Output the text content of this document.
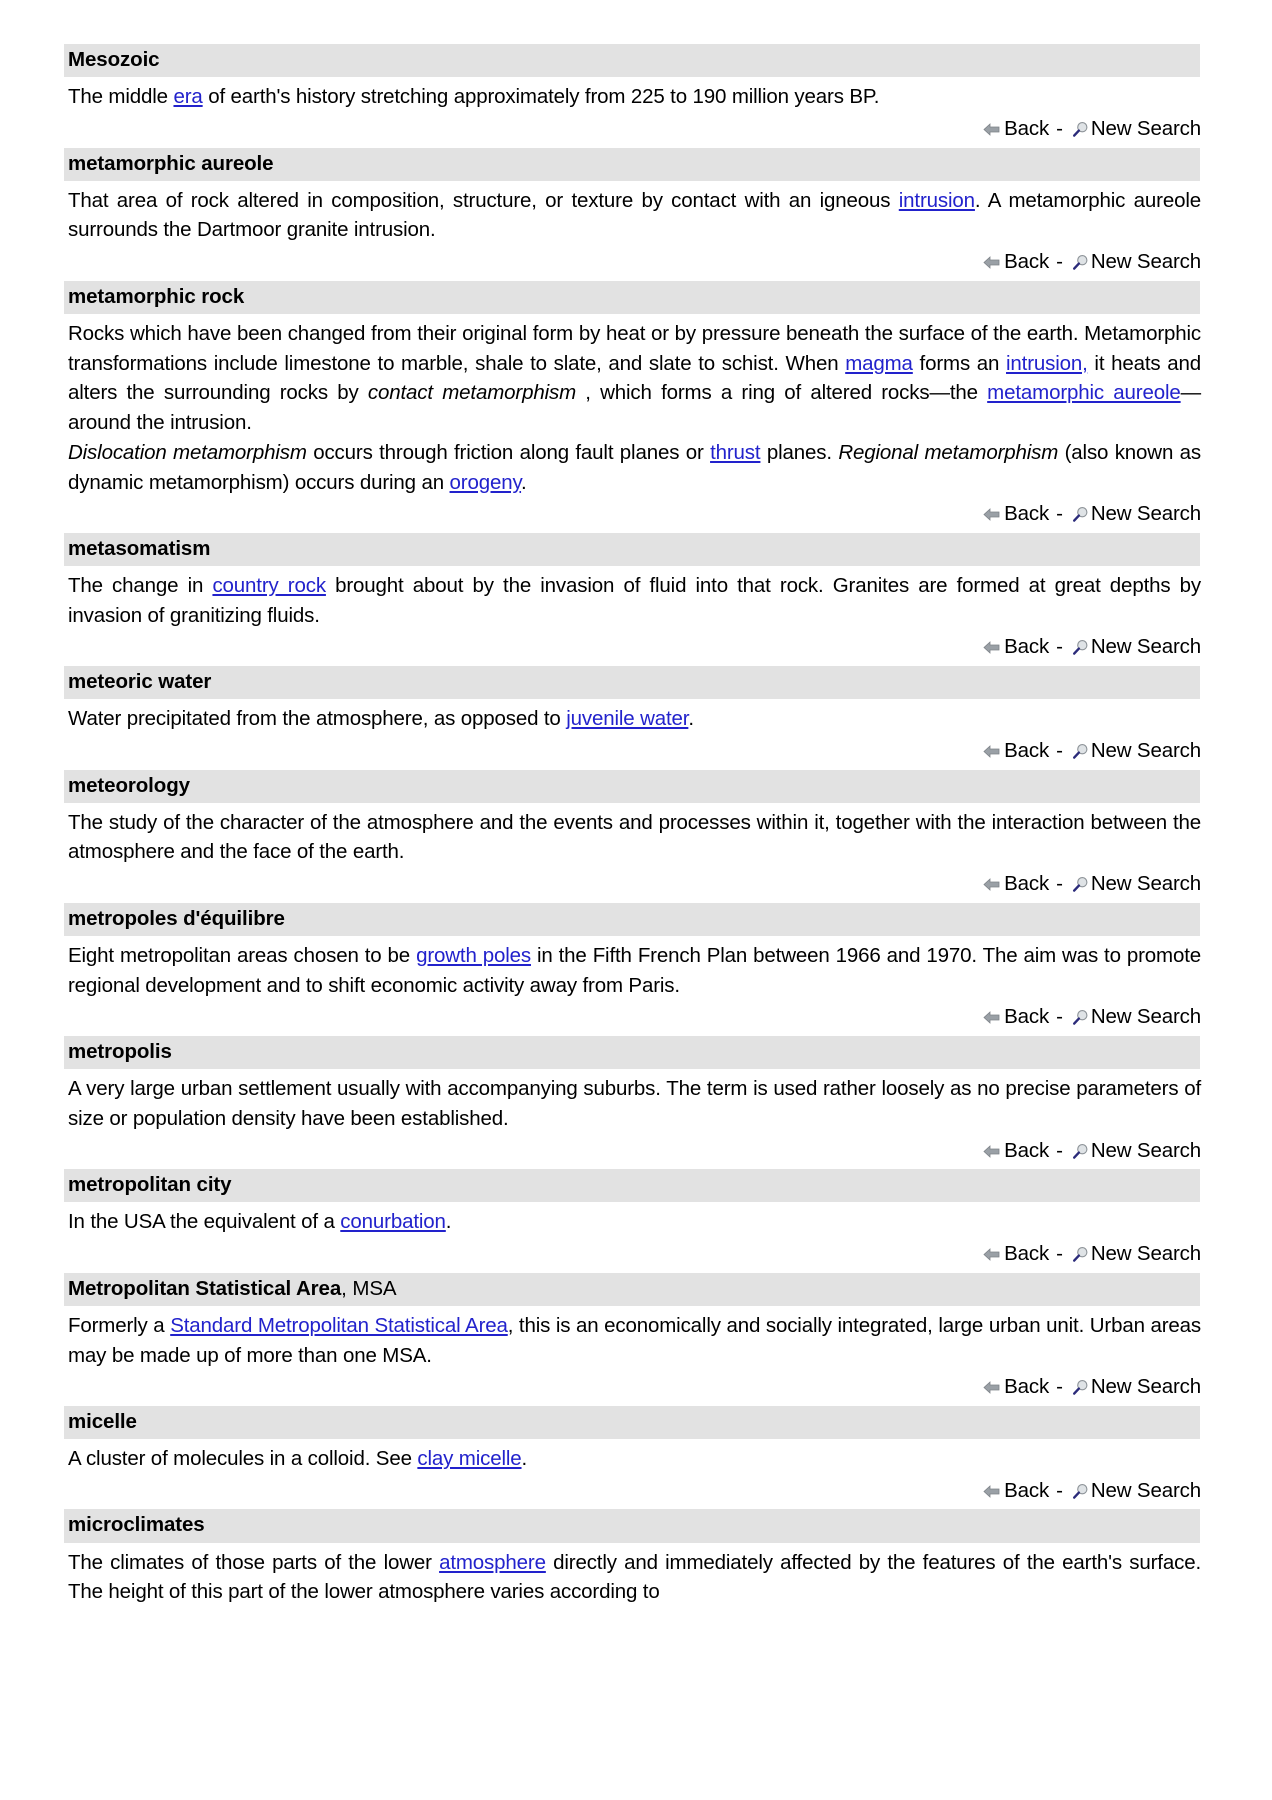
Mesozoic

The middle era of earth's history stretching approximately from 225 to 190 million years BP.

Back - New Search
metamorphic aureole

That area of rock altered in composition, structure, or texture by contact with an igneous intrusion. A metamorphic aureole surrounds the Dartmoor granite intrusion.

Back - New Search
metamorphic rock

Rocks which have been changed from their original form by heat or by pressure beneath the surface of the earth. Metamorphic transformations include limestone to marble, shale to slate, and slate to schist. When magma forms an intrusion, it heats and alters the surrounding rocks by contact metamorphism , which forms a ring of altered rocks—the metamorphic aureole—around the intrusion.

Dislocation metamorphism occurs through friction along fault planes or thrust planes. Regional metamorphism (also known as dynamic metamorphism) occurs during an orogeny.

Back - New Search
metasomatism

The change in country rock brought about by the invasion of fluid into that rock. Granites are formed at great depths by invasion of granitizing fluids.

Back - New Search
meteoric water

Water precipitated from the atmosphere, as opposed to juvenile water.

Back - New Search
meteorology

The study of the character of the atmosphere and the events and processes within it, together with the interaction between the atmosphere and the face of the earth.

Back - New Search
metropoles d'équilibre

Eight metropolitan areas chosen to be growth poles in the Fifth French Plan between 1966 and 1970. The aim was to promote regional development and to shift economic activity away from Paris.

Back - New Search
metropolis

A very large urban settlement usually with accompanying suburbs. The term is used rather loosely as no precise parameters of size or population density have been established.

Back - New Search
metropolitan city

In the USA the equivalent of a conurbation.

Back - New Search
Metropolitan Statistical Area, MSA

Formerly a Standard Metropolitan Statistical Area, this is an economically and socially integrated, large urban unit. Urban areas may be made up of more than one MSA.

Back - New Search
micelle

A cluster of molecules in a colloid. See clay micelle.

Back - New Search
microclimates

The climates of those parts of the lower atmosphere directly and immediately affected by the features of the earth's surface. The height of this part of the lower atmosphere varies according to
